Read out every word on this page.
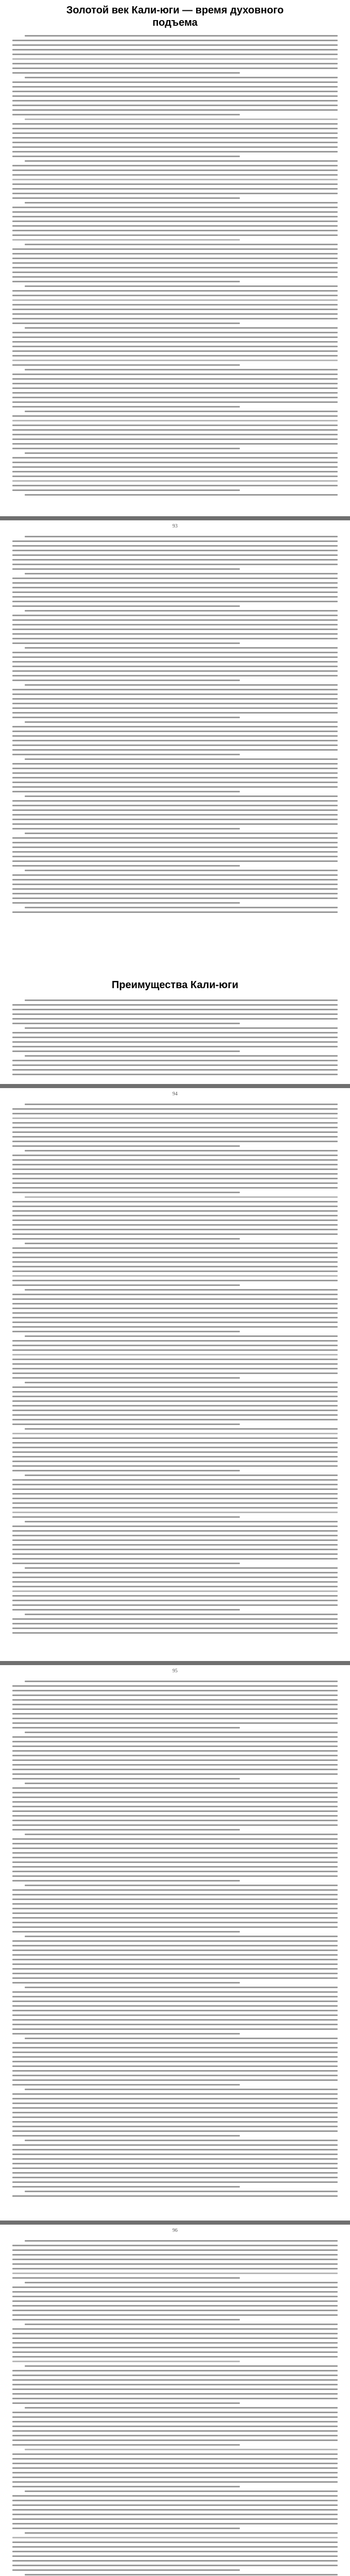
Золотой век Кали-юги — время духовного
подъема
93
Преимущества Кали-юги
94
95
96
